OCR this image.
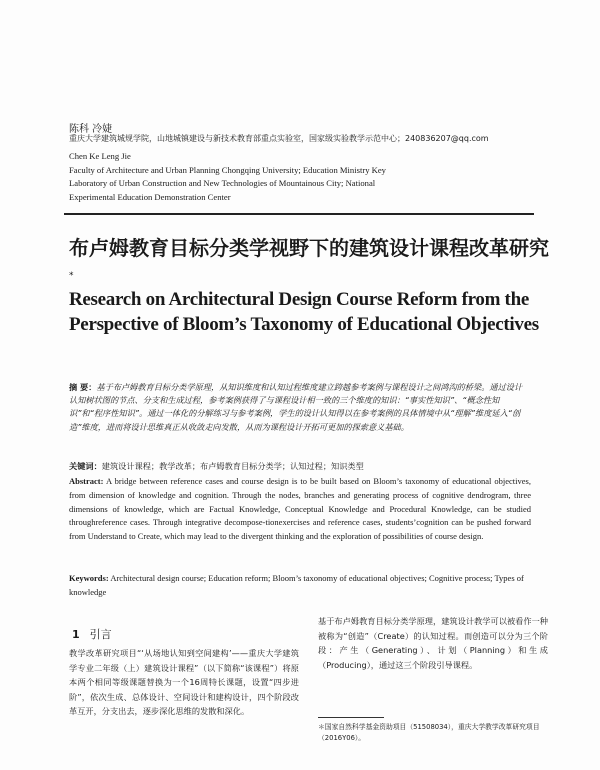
陈科 冷婕
重庆大学建筑城规学院，山地城镇建设与新技术教育部重点实验室，国家级实验教学示范中心；240836207@qq.com
Chen Ke Leng Jie
Faculty of Architecture and Urban Planning Chongqing University; Education Ministry Key
Laboratory of Urban Construction and New Technologies of Mountainous City; National
Experimental Education Demonstration Center
布卢姆教育目标分类学视野下的建筑设计课程改革研究*
Research on Architectural Design Course Reform from the
Perspective of Bloom’s Taxonomy of Educational Objectives
摘 要：基于布卢姆教育目标分类学原理，从知识维度和认知过程维度建立跨越参考案例与课程设计之间鸿沟的桥梁。通过设计认知树状图的节点、分支和生成过程，参考案例获得了与课程设计相一致的三个维度的知识：“事实性知识”、“概念性知识”和“程序性知识”。通过一体化的分解练习与参考案例，学生的设计认知得以在参考案例的具体情境中从“理解”维度延入“创造”维度，进而将设计思维真正从收敛走向发散，从而为课程设计开拓可更加的探索意义基础。
关键词：建筑设计课程；教学改革；布卢姆教育目标分类学；认知过程；知识类型
Abstract: A bridge between reference cases and course design is to be built based on Bloom’s taxonomy of educational objectives, from dimension of knowledge and cognition. Through the nodes, branches and generating process of cognitive dendrogram, three dimensions of knowledge, which are Factual Knowledge, Conceptual Knowledge and Procedural Knowledge, can be studied throughreference cases. Through integrative decompose-tionexercises and reference cases, students’cognition can be pushed forward from Understand to Create, which may lead to the divergent thinking and the exploration of possibilities of course design.
Keywords: Architectural design course; Education reform; Bloom’s taxonomy of educational objectives; Cognitive process; Types of knowledge
1 引言
教学改革研究项目“‘从场地认知到空间建构’——重庆大学建筑学专业二年级（上）建筑设计课程”（以下简称“该课程”）将原本两个相同等级课题替换为一个16周特长课题，设置“四步进阶”，依次生成、总体设计、空间设计和建构设计，四个阶段改革互开，分支出去，逐步深化思维的发散和深化。
基于布卢姆教育目标分类学原理，建筑设计教学可以被看作一种被称为“创造”（Create）的认知过程。而创造可以分为三个阶段：产生（Generating）、计划（Planning）和生成（Producing），通过这三个阶段引导课程。
＊国家自然科学基金资助项目（51508034），重庆大学教学改革研究项目（2016Y06）。
